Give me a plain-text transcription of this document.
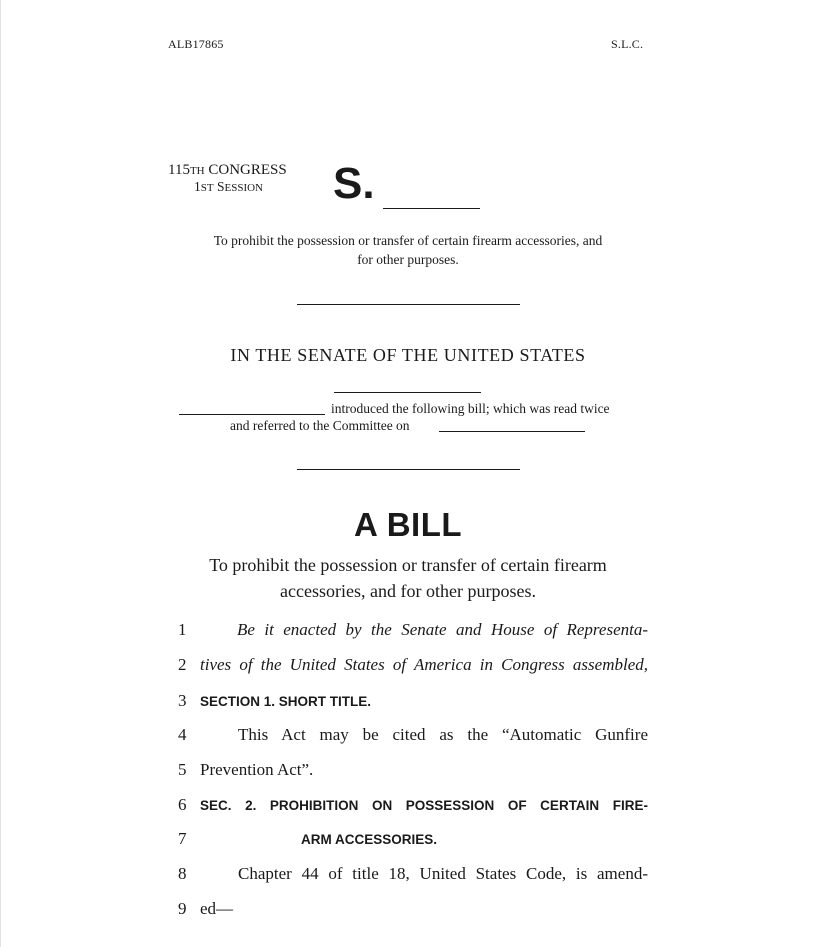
ALB17865	S.L.C.
115TH CONGRESS
1ST SESSION S.
To prohibit the possession or transfer of certain firearm accessories, and
for other purposes.
IN THE SENATE OF THE UNITED STATES
introduced the following bill; which was read twice
and referred to the Committee on
A BILL
To prohibit the possession or transfer of certain firearm
accessories, and for other purposes.
1	Be it enacted by the Senate and House of Representa-
2 tives of the United States of America in Congress assembled,
3	SECTION 1. SHORT TITLE.
4	This Act may be cited as the “Automatic Gunfire
5 Prevention Act”.
6	SEC. 2. PROHIBITION ON POSSESSION OF CERTAIN FIRE-
7	ARM ACCESSORIES.
8	Chapter 44 of title 18, United States Code, is amend-
9 ed—
